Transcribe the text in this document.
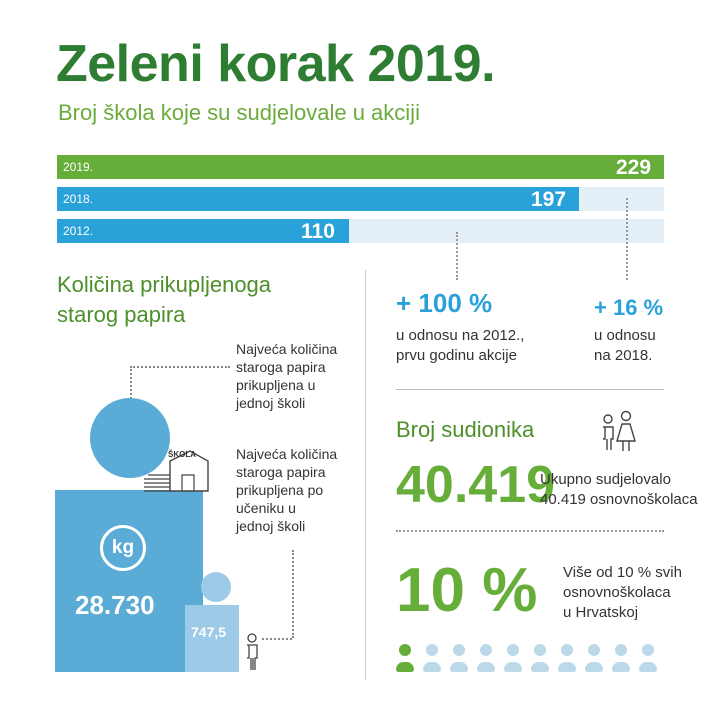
Zeleni korak 2019.
Broj škola koje su sudjelovale u akciji
2019.	229
2018.	197
2012.	110
+ 100 %
u odnosu na 2012.,
prvu godinu akcije
+ 16 %
u odnosu
na 2018.
Broj sudionika
40.419
Ukupno sudjelovalo
40.419 osnovnoškolaca
10 % Više od 10 % svih
osnovnoškolaca
u Hrvatskoj
Količina prikupljenoga
starog papira
Najveća količina
staroga papira
prikupljena u
jednoj školi
kg
28.730
ŠKOLA	Najveća količina
staroga papira
prikupljena po
učeniku u
jednoj školi
747,5
